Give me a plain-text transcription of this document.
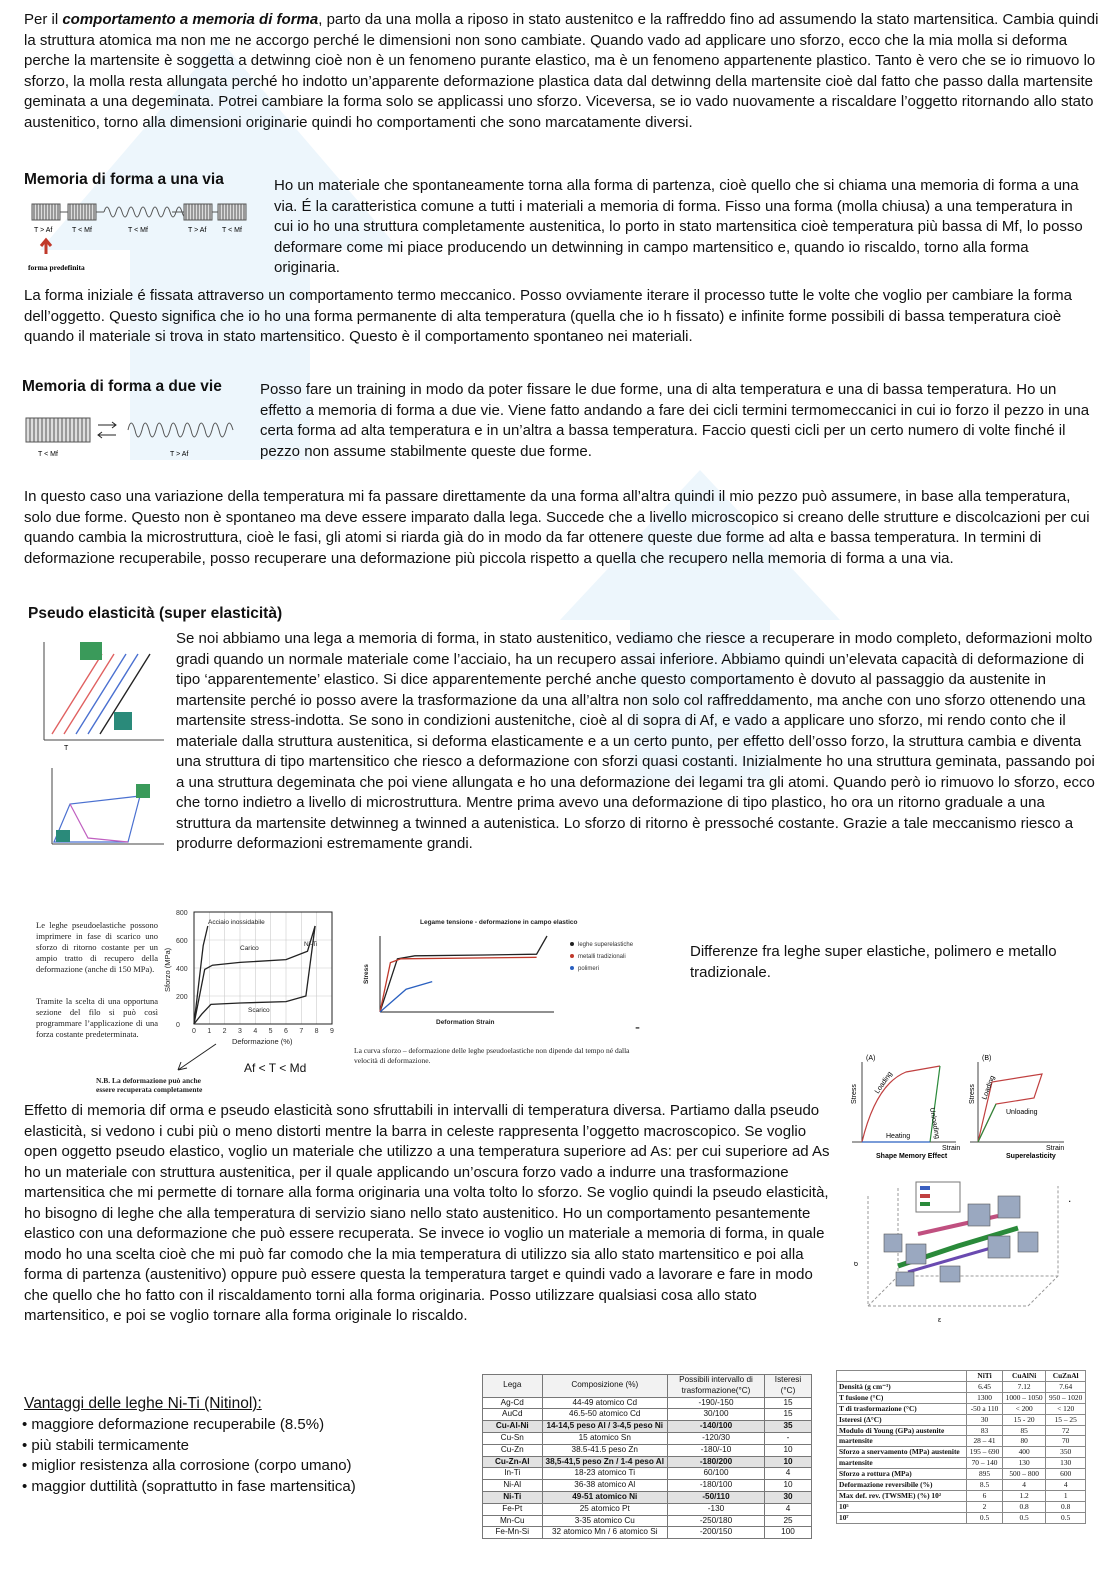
Per il comportamento a memoria di forma, parto da una molla a riposo in stato austenitco e la raffreddo fino ad assumendo la stato martensitica. Cambia quindi la struttura atomica ma non me ne accorgo perché le dimensioni non sono cambiate. Quando vado ad applicare uno sforzo, ecco che la mia molla si deforma perche la martensite è soggetta a detwinng cioè non è un fenomeno purante elastico, ma è un fenomeno appartenente plastico. Tanto è vero che se io rimuovo lo sforzo, la molla resta allungata perché ho indotto un’apparente deformazione plastica data dal detwinng della martensite cioè dal fatto che passo dalla martensite geminata a una degeminata. Potrei cambiare la forma solo se applicassi uno sforzo. Viceversa, se io vado nuovamente a riscaldare l’oggetto ritornando allo stato austenitico, torno alla dimensioni originarie quindi ho comportamenti che sono marcatamente diversi.

Memoria di forma a una via
T > Af	T < Mf	T < Mf	T > Af T < Mf
forma predefinita

Ho un materiale che spontaneamente torna alla forma di partenza, cioè quello che si chiama una memoria di forma a una via. É la caratteristica comune a tutti i materiali a memoria di forma. Fisso una forma (molla chiusa) a una temperatura in cui io ho una struttura completamente austenitica, lo porto in stato martensitica cioè temperatura più bassa di Mf, lo posso deformare come mi piace producendo un detwinning in campo martensitico e, quando io riscaldo, torno alla forma originaria.

La forma iniziale é fissata attraverso un comportamento termo meccanico. Posso ovviamente iterare il processo tutte le volte che voglio per cambiare la forma dell’oggetto. Questo significa che io ho una forma permanente di alta temperatura (quella che io h fissato) e infinite forme possibili di bassa temperatura cioè quando il materiale si trova in stato martensitico. Questo è il comportamento spontaneo nei materiali.

Memoria di forma a due vie
T < Mf	T > Af

Posso fare un training in modo da poter fissare le due forme, una di alta temperatura e una di bassa temperatura. Ho un effetto a memoria di forma a due vie. Viene fatto andando a fare dei cicli termini termomeccanici in cui io forzo il pezzo in una certa forma ad alta temperatura e in un’altra a bassa temperatura. Faccio questi cicli per un certo numero di volte finché il pezzo non assume stabilmente queste due forme.

In questo caso una variazione della temperatura mi fa passare direttamente da una forma all’altra quindi il mio pezzo può assumere, in base alla temperatura, solo due forme. Questo non è spontaneo ma deve essere imparato dalla lega. Succede che a livello microscopico si creano delle strutture e discolcazioni per cui quando cambia la microstruttura, cioè le fasi, gli atomi si riarda già do in modo da far ottenere queste due forme ad alta e bassa temperatura. In termini di deformazione recuperabile, posso recuperare una deformazione più piccola rispetto a quella che recupero nella memoria di forma a una via.

Pseudo elasticità (super elasticità)
T

Se noi abbiamo una lega a memoria di forma, in stato austenitico, vediamo che riesce a recuperare in modo completo, deformazioni molto gradi quando un normale materiale come l’acciaio, ha un recupero assai inferiore. Abbiamo quindi un’elevata capacità di deformazione di tipo ‘apparentemente’ elastico. Si dice apparentemente perché anche questo comportamento è dovuto al passaggio da austenite in martensite perché io posso avere la trasformazione da una all’altra non solo col raffreddamento, ma anche con uno sforzo ottenendo una martensite stress-indotta. Se sono in condizioni austenitche, cioè al di sopra di Af, e vado a applicare uno sforzo, mi rendo conto che il materiale dalla struttura austenitica, si deforma elasticamente e a un certo punto, per effetto dell’osso forzo, la struttura cambia e diventa una struttura di tipo martensitico che riesco a deformazione con sforzi quasi costanti. Inizialmente ho una struttura geminata, passando poi a una struttura degeminata che poi viene allungata e ho una deformazione dei legami tra gli atomi. Quando però io rimuovo lo sforzo, ecco che torno indietro a livello di microstruttura. Mentre prima avevo una deformazione di tipo plastico, ho ora un ritorno graduale a una struttura da martensite detwinneg a twinned a autenistica. Lo sforzo di ritorno è pressoché costante. Grazie a tale meccanismo riesco a produrre deformazioni estremamente grandi.

Le leghe pseudoelastiche possono imprimere in fase di scarico uno sforzo di ritorno costante per un ampio tratto di recupero della deformazione (anche di 150 MPa).
Tramite la scelta di una opportuna sezione del filo si può così programmare l’applicazione di una forza costante predeterminata.	0 1 2 3 4 5 6 7 8 9
0
200
400
600
800
Deformazione (%)
Sforzo (MPa)
Acciaio inossidabile
Carico
Ni-Ti
Scarico
Af < T < Md
N.B. La deformazione può anche essere recuperata completamente
Legame tensione - deformazione in campo elastico
leghe superelastiche
metalli tradizionali
polimeri
Deformation Strain
Stress
La curva sforzo – deformazione delle leghe pseudoelastiche non dipende dal tempo né dalla velocità di deformazione.
-

Differenze fra leghe super elastiche, polimero e metallo tradizionale.

(A)
Loading
Unloading
Heating
Strain
Stress
Shape Memory Effect
(B)
Loading
Unloading
Strain
Stress
Superelasticity
σ
ε
.

Effetto di memoria dif orma e pseudo elasticità sono sfruttabili in intervalli di temperatura diversa. Partiamo dalla pseudo elasticità, si vedono i cubi più o meno distorti mentre la barra in celeste rappresenta l’oggetto macroscopico. Se voglio open oggetto pseudo elastico, voglio un materiale che utilizzo a una temperatura superiore ad As: per cui superiore ad As ho un materiale con struttura austenitica, per il quale applicando un’oscura forzo vado a indurre una trasformazione martensitica che mi permette di tornare alla forma originaria una volta tolto lo sforzo. Se voglio quindi la pseudo elasticità, ho bisogno di leghe che alla temperatura di servizio siano nello stato austenitico. Ho un comportamento pesantemente elastico con una deformazione che può essere recuperata. Se invece io voglio un materiale a memoria di forma, in quale modo ho una scelta cioè che mi può far comodo che la mia temperatura di utilizzo sia allo stato martensitico e poi alla forma di partenza (austenitivo) oppure può essere questa la temperatura target e quindi vado a lavorare e fare in modo che quello che ho fatto con il riscaldamento torni alla forma originaria. Posso utilizzare qualsiasi cosa allo stato martensitico, e poi se voglio tornare alla forma originale lo riscaldo.

Vantaggi delle leghe Ni-Ti (Nitinol):
• maggiore deformazione recuperabile (8.5%)
• più stabili termicamente
• miglior resistenza alla corrosione (corpo umano)
• maggior duttilità (soprattutto in fase martensitica)
Lega	Composizione (%)	Possibili intervallo di trasformazione(°C)	Isteresi (°C)
Ag-Cd	44-49 atomico Cd	-190/-150	15
AuCd	46.5-50 atomico Cd	30/100	15
Cu-Al-Ni	14-14,5 peso Al / 3-4,5 peso Ni	-140/100	35
Cu-Sn	15 atomico Sn	-120/30	-
Cu-Zn	38.5-41.5 peso Zn	-180/-10	10
Cu-Zn-Al	38,5-41,5 peso Zn / 1-4 peso Al	-180/200	10
In-Ti	18-23 atomico Ti	60/100	4
Ni-Al	36-38 atomico Al	-180/100	10
Ni-Ti	49-51 atomico Ni	-50/110	30
Fe-Pt	25 atomico Pt	-130	4
Mn-Cu	3-35 atomico Cu	-250/180	25
Fe-Mn-Si	32 atomico Mn / 6 atomico Si	-200/150	100
	NiTi	CuAlNi	CuZnAl
Densità (g cm⁻³)	6.45	7.12	7.64
T fusione (°C)	1300	1000 – 1050	950 – 1020
T di trasformazione (°C)	-50 a 110	< 200	< 120
Isteresi (Δ°C)	30	15 - 20	15 – 25
Modulo di Young (GPa) austenite	83	85	72
martensite	28 – 41	80	70
Sforzo a snervamento (MPa) austenite	195 – 690	400	350
martensite	70 – 140	130	130
Sforzo a rottura (MPa)	895	500 – 800	600
Deformazione reversibile (%)	8.5	4	4
Max def. rev. (TWSME) (%) 10²	6	1.2	1
10⁵	2	0.8	0.8
10⁷	0.5	0.5	0.5
